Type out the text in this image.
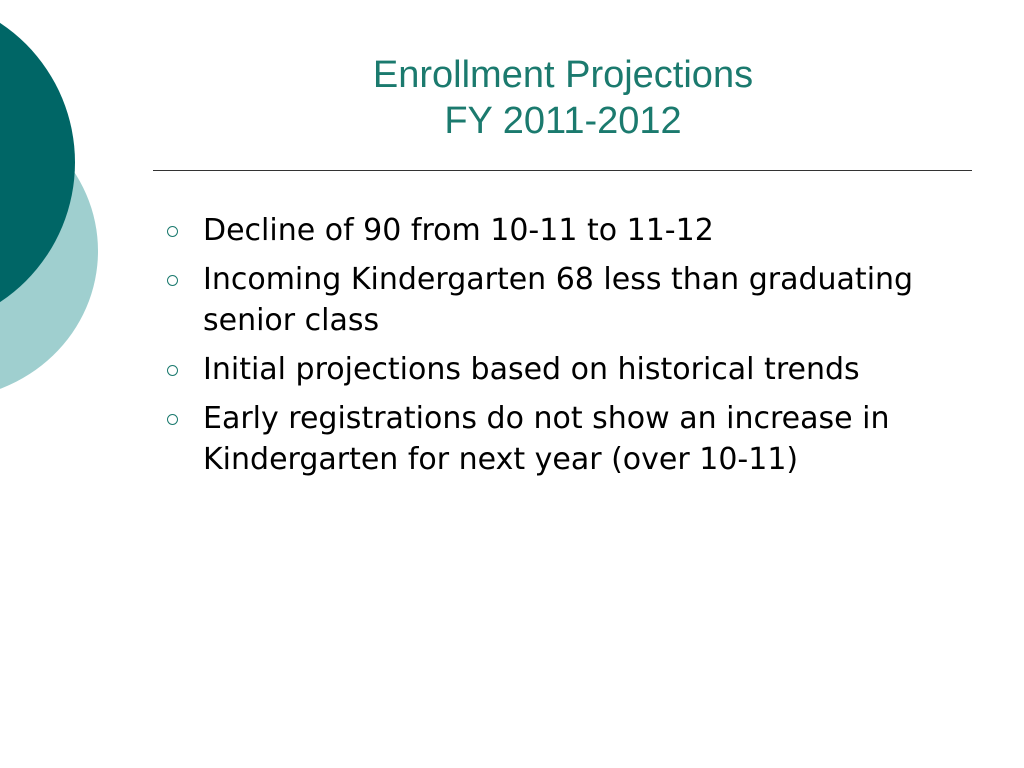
Enrollment Projections
FY 2011-2012
Decline of 90 from 10-11 to 11-12
Incoming Kindergarten 68 less than graduating senior class
Initial projections based on historical trends
Early registrations do not show an increase in Kindergarten for next year (over 10-11)
